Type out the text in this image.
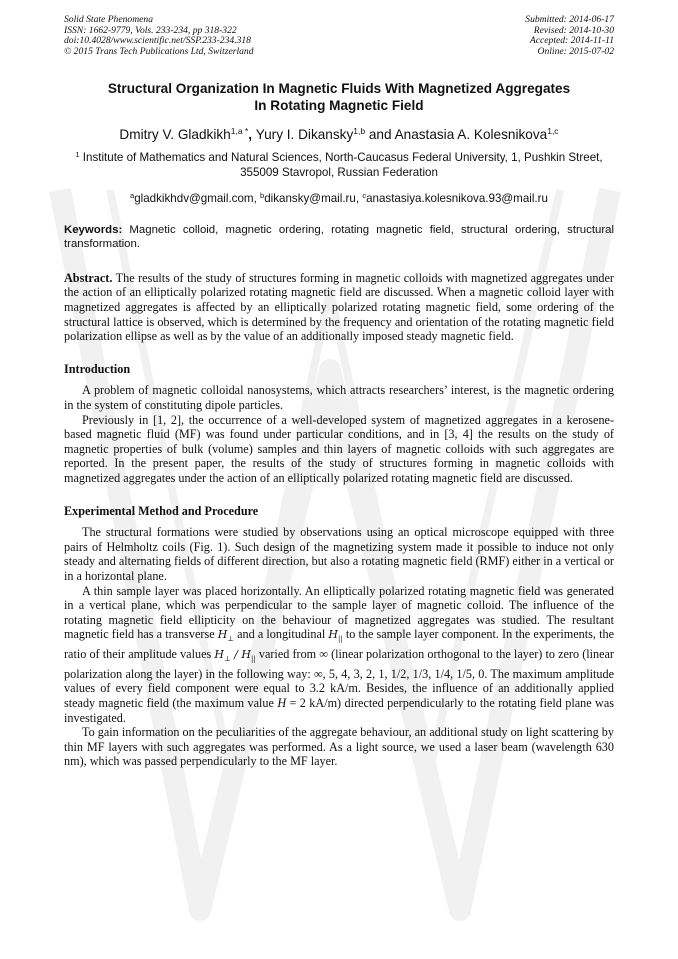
Solid State Phenomena
ISSN: 1662-9779, Vols. 233-234, pp 318-322
doi:10.4028/www.scientific.net/SSP.233-234.318
© 2015 Trans Tech Publications Ltd, Switzerland
Submitted: 2014-06-17
Revised: 2014-10-30
Accepted: 2014-11-11
Online: 2015-07-02
Structural Organization In Magnetic Fluids With Magnetized Aggregates
In Rotating Magnetic Field
Dmitry V. Gladkikh$^{1,a *}$, Yury I. Dikansky$^{1,b}$ and Anastasia A. Kolesnikova$^{1,c}$
$^1$ Institute of Mathematics and Natural Sciences, North-Caucasus Federal University, 1, Pushkin Street, 355009 Stavropol, Russian Federation
$^a$gladkikhdv@gmail.com, $^b$dikansky@mail.ru, $^c$anastasiya.kolesnikova.93@mail.ru
Keywords: Magnetic colloid, magnetic ordering, rotating magnetic field, structural ordering, structural transformation.
Abstract. The results of the study of structures forming in magnetic colloids with magnetized aggregates under the action of an elliptically polarized rotating magnetic field are discussed. When a magnetic colloid layer with magnetized aggregates is affected by an elliptically polarized rotating magnetic field, some ordering of the structural lattice is observed, which is determined by the frequency and orientation of the rotating magnetic field polarization ellipse as well as by the value of an additionally imposed steady magnetic field.
Introduction

A problem of magnetic colloidal nanosystems, which attracts researchers’ interest, is the magnetic ordering in the system of constituting dipole particles.

Previously in [1, 2], the occurrence of a well-developed system of magnetized aggregates in a kerosene-based magnetic fluid (MF) was found under particular conditions, and in [3, 4] the results on the study of magnetic properties of bulk (volume) samples and thin layers of magnetic colloids with such aggregates are reported. In the present paper, the results of the study of structures forming in magnetic colloids with magnetized aggregates under the action of an elliptically polarized rotating magnetic field are discussed.

Experimental Method and Procedure

The structural formations were studied by observations using an optical microscope equipped with three pairs of Helmholtz coils (Fig. 1). Such design of the magnetizing system made it possible to induce not only steady and alternating fields of different direction, but also a rotating magnetic field (RMF) either in a vertical or in a horizontal plane.

A thin sample layer was placed horizontally. An elliptically polarized rotating magnetic field was generated in a vertical plane, which was perpendicular to the sample layer of magnetic colloid. The influence of the rotating magnetic field ellipticity on the behaviour of magnetized aggregates was studied. The resultant magnetic field has a transverse $H_\perp$ and a longitudinal $H_{||}$ to the sample layer component. In the experiments, the ratio of their amplitude values $H_\perp / H_{||}$ varied from ∞ (linear polarization orthogonal to the layer) to zero (linear polarization along the layer) in the following way: ∞, 5, 4, 3, 2, 1, 1/2, 1/3, 1/4, 1/5, 0. The maximum amplitude values of every field component were equal to 3.2 kA/m. Besides, the influence of an additionally applied steady magnetic field (the maximum value H = 2 kA/m) directed perpendicularly to the rotating field plane was investigated.

To gain information on the peculiarities of the aggregate behaviour, an additional study on light scattering by thin MF layers with such aggregates was performed. As a light source, we used a laser beam (wavelength 630 nm), which was passed perpendicularly to the MF layer.
